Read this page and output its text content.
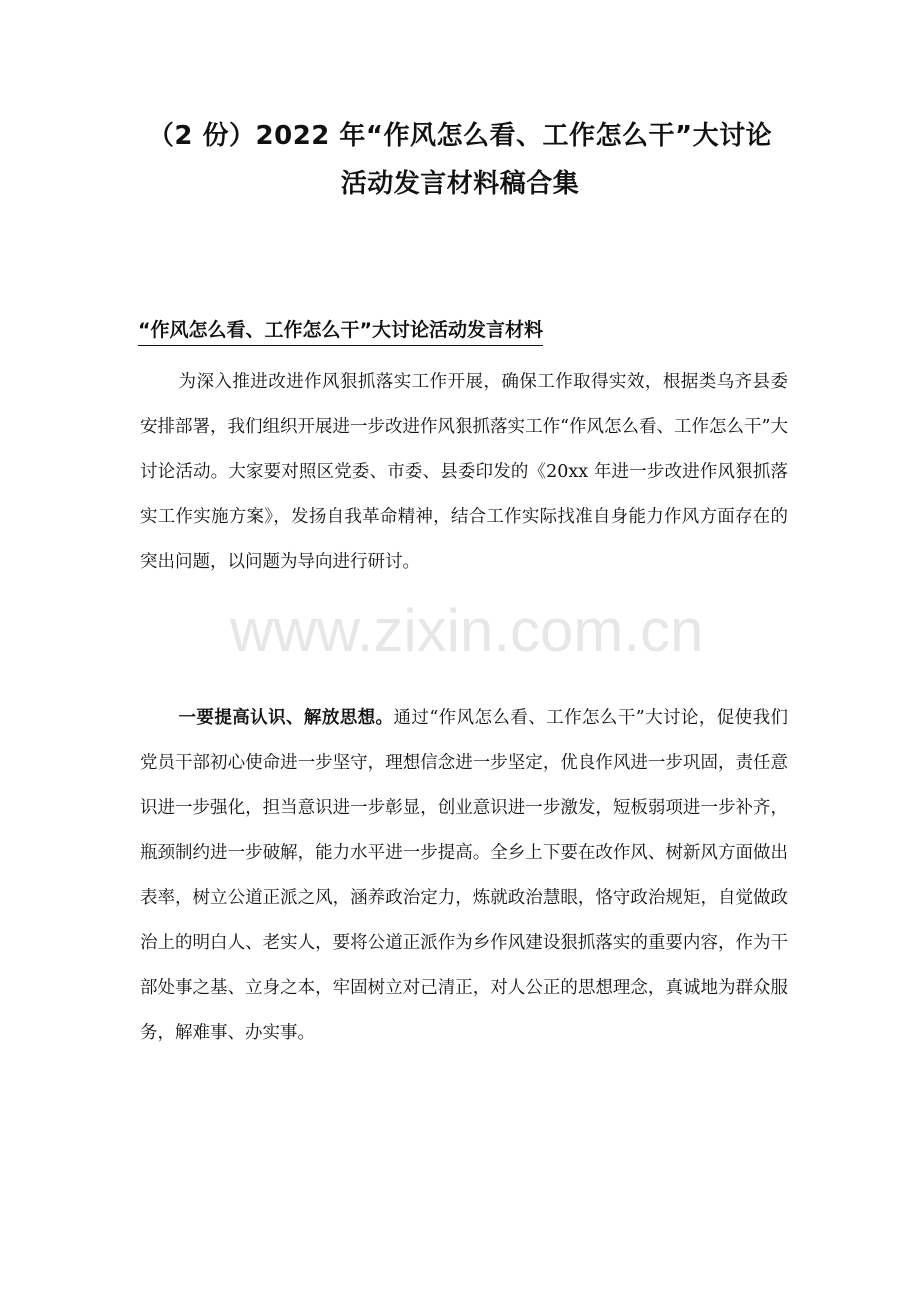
（2 份）2022 年“作风怎么看、工作怎么干”大讨论
活动发言材料稿合集
“作风怎么看、工作怎么干”大讨论活动发言材料

为深入推进改进作风狠抓落实工作开展，确保工作取得实效，根据类乌齐县委安排部署，我们组织开展进一步改进作风狠抓落实工作“作风怎么看、工作怎么干”大讨论活动。大家要对照区党委、市委、县委印发的《20xx 年进一步改进作风狠抓落实工作实施方案》，发扬自我革命精神，结合工作实际找准自身能力作风方面存在的突出问题，以问题为导向进行研讨。

一要提高认识、解放思想。通过“作风怎么看、工作怎么干”大讨论，促使我们党员干部初心使命进一步坚守，理想信念进一步坚定，优良作风进一步巩固，责任意识进一步强化，担当意识进一步彰显，创业意识进一步激发，短板弱项进一步补齐，瓶颈制约进一步破解，能力水平进一步提高。全乡上下要在改作风、树新风方面做出表率，树立公道正派之风，涵养政治定力，炼就政治慧眼，恪守政治规矩，自觉做政治上的明白人、老实人，要将公道正派作为乡作风建设狠抓落实的重要内容，作为干部处事之基、立身之本，牢固树立对己清正，对人公正的思想理念，真诚地为群众服务，解难事、办实事。

www.zixin.com.cn
